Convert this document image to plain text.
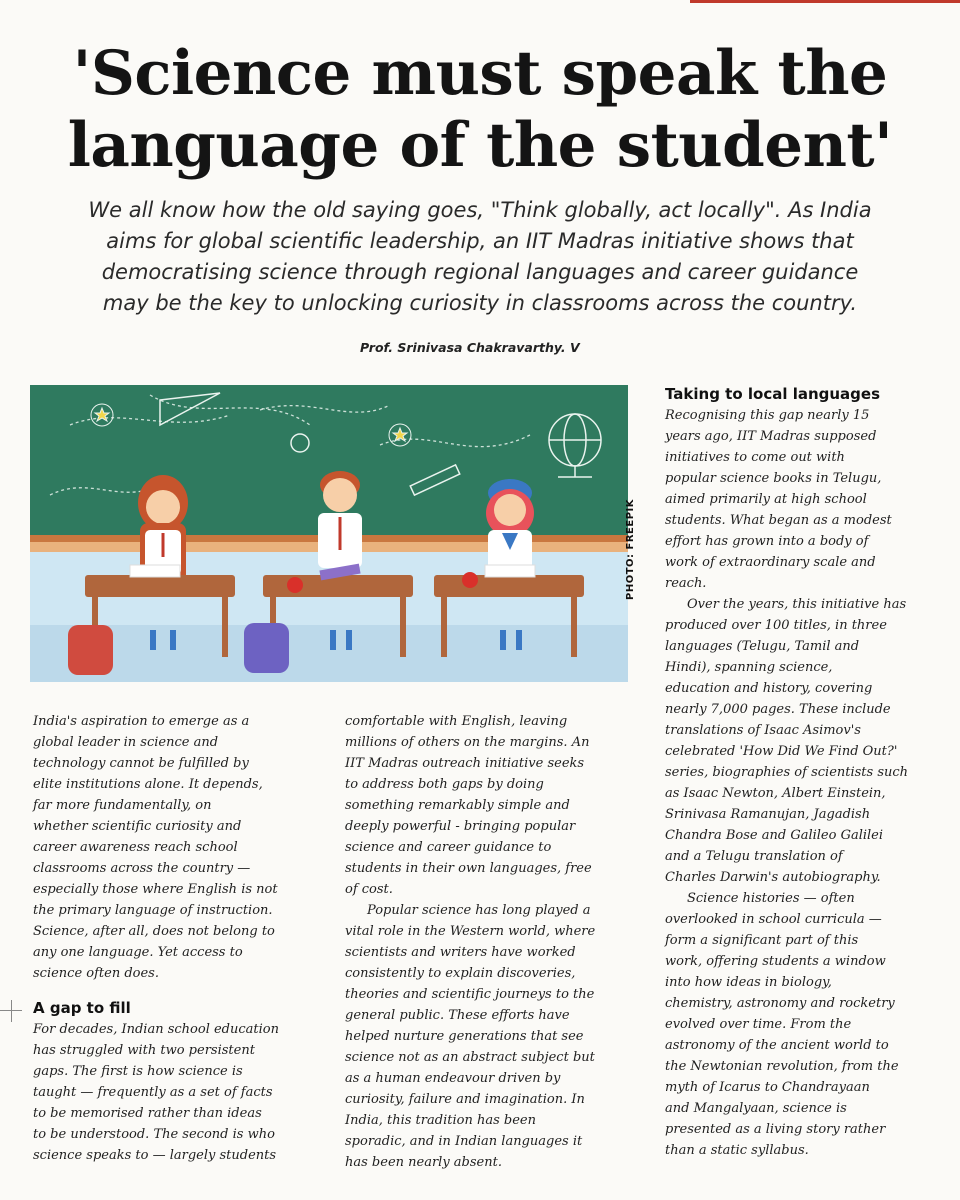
'Science must speak the
language of the student'
We all know how the old saying goes, "Think globally, act locally". As India
aims for global scientific leadership, an IIT Madras initiative shows that
democratising science through regional languages and career guidance
may be the key to unlocking curiosity in classrooms across the country.
Prof. Srinivasa Chakravarthy. V
PHOTO: FREEPIK
India's aspiration to emerge as a
global leader in science and
technology cannot be fulfilled by
elite institutions alone. It depends,
far more fundamentally, on
whether scientific curiosity and
career awareness reach school
classrooms across the country —
especially those where English is not
the primary language of instruction.
Science, after all, does not belong to
any one language. Yet access to
science often does.
A gap to fill
For decades, Indian school education
has struggled with two persistent
gaps. The first is how science is
taught — frequently as a set of facts
to be memorised rather than ideas
to be understood. The second is who
science speaks to — largely students
comfortable with English, leaving
millions of others on the margins. An
IIT Madras outreach initiative seeks
to address both gaps by doing
something remarkably simple and
deeply powerful - bringing popular
science and career guidance to
students in their own languages, free
of cost.
Popular science has long played a
vital role in the Western world, where
scientists and writers have worked
consistently to explain discoveries,
theories and scientific journeys to the
general public. These efforts have
helped nurture generations that see
science not as an abstract subject but
as a human endeavour driven by
curiosity, failure and imagination. In
India, this tradition has been
sporadic, and in Indian languages it
has been nearly absent.
Taking to local languages
Recognising this gap nearly 15
years ago, IIT Madras supposed
initiatives to come out with
popular science books in Telugu,
aimed primarily at high school
students. What began as a modest
effort has grown into a body of
work of extraordinary scale and
reach.
Over the years, this initiative has
produced over 100 titles, in three
languages (Telugu, Tamil and
Hindi), spanning science,
education and history, covering
nearly 7,000 pages. These include
translations of Isaac Asimov's
celebrated 'How Did We Find Out?'
series, biographies of scientists such
as Isaac Newton, Albert Einstein,
Srinivasa Ramanujan, Jagadish
Chandra Bose and Galileo Galilei
and a Telugu translation of
Charles Darwin's autobiography.
Science histories — often
overlooked in school curricula —
form a significant part of this
work, offering students a window
into how ideas in biology,
chemistry, astronomy and rocketry
evolved over time. From the
astronomy of the ancient world to
the Newtonian revolution, from the
myth of Icarus to Chandrayaan
and Mangalyaan, science is
presented as a living story rather
than a static syllabus.
